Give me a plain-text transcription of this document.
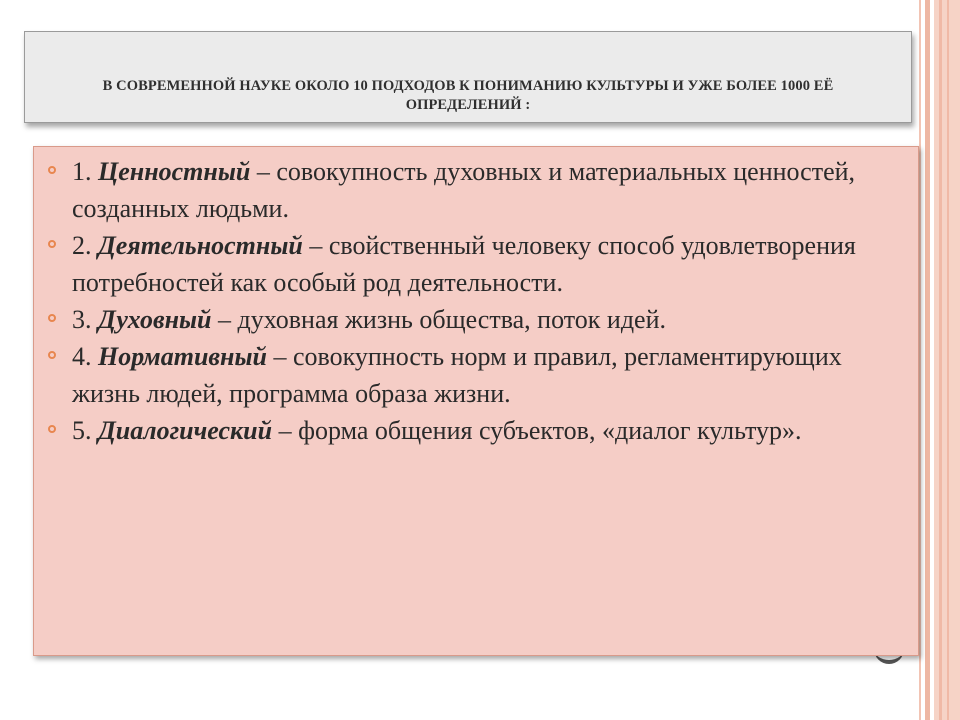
В СОВРЕМЕННОЙ НАУКЕ ОКОЛО 10 ПОДХОДОВ К ПОНИМАНИЮ КУЛЬТУРЫ И УЖЕ БОЛЕЕ 1000 ЕЁ ОПРЕДЕЛЕНИЙ :
1. Ценностный – совокупность духовных и материальных ценностей, созданных людьми.
2. Деятельностный – свойственный человеку способ удовлетворения потребностей как особый род деятельности.
3. Духовный – духовная жизнь общества, поток идей.
4. Нормативный – совокупность норм и правил, регламентирующих жизнь людей, программа образа жизни.
5. Диалогический – форма общения субъектов, «диалог культур».
